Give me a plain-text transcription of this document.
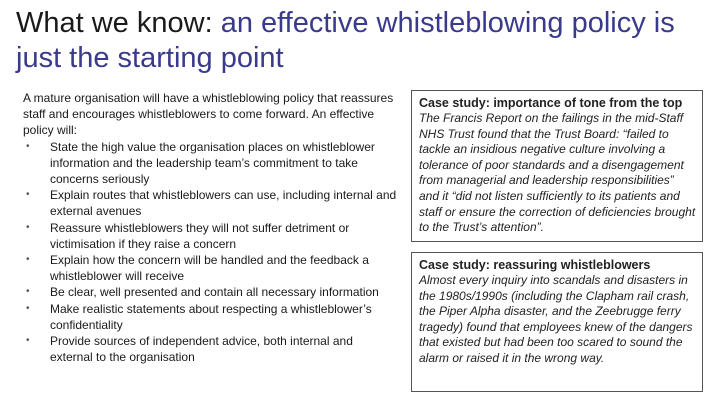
What we know: an effective whistleblowing policy is just the starting point

A mature organisation will have a whistleblowing policy that reassures staff and encourages whistleblowers to come forward. An effective policy will:

• State the high value the organisation places on whistleblower information and the leadership team’s commitment to take concerns seriously
• Explain routes that whistleblowers can use, including internal and external avenues
• Reassure whistleblowers they will not suffer detriment or victimisation if they raise a concern
• Explain how the concern will be handled and the feedback a whistleblower will receive
• Be clear, well presented and contain all necessary information
• Make realistic statements about respecting a whistleblower’s confidentiality
• Provide sources of independent advice, both internal and external to the organisation
Case study: importance of tone from the top
The Francis Report on the failings in the mid-Staff NHS Trust found that the Trust Board: “failed to tackle an insidious negative culture involving a tolerance of poor standards and a disengagement from managerial and leadership responsibilities” and it “did not listen sufficiently to its patients and staff or ensure the correction of deficiencies brought to the Trust’s attention”.
Case study: reassuring whistleblowers
Almost every inquiry into scandals and disasters in the 1980s/1990s (including the Clapham rail crash, the Piper Alpha disaster, and the Zeebrugge ferry tragedy) found that employees knew of the dangers that existed but had been too scared to sound the alarm or raised it in the wrong way.
